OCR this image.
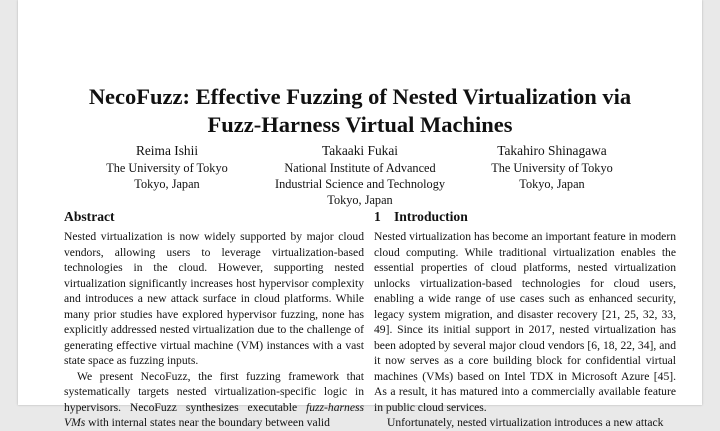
NecoFuzz: Effective Fuzzing of Nested Virtualization via
Fuzz-Harness Virtual Machines
Reima Ishii
The University of Tokyo
Tokyo, Japan
Takaaki Fukai
National Institute of Advanced
Industrial Science and Technology
Tokyo, Japan
Takahiro Shinagawa
The University of Tokyo
Tokyo, Japan
Abstract

Nested virtualization is now widely supported by major cloud vendors, allowing users to leverage virtualization-based technologies in the cloud. However, supporting nested virtualization significantly increases host hypervisor complexity and introduces a new attack surface in cloud platforms. While many prior studies have explored hypervisor fuzzing, none has explicitly addressed nested virtualization due to the challenge of generating effective virtual machine (VM) instances with a vast state space as fuzzing inputs.

We present NecoFuzz, the first fuzzing framework that systematically targets nested virtualization-specific logic in hypervisors. NecoFuzz synthesizes executable fuzz-harness VMs with internal states near the boundary between valid

1 Introduction

Nested virtualization has become an important feature in modern cloud computing. While traditional virtualization enables the essential properties of cloud platforms, nested virtualization unlocks virtualization-based technologies for cloud users, enabling a wide range of use cases such as enhanced security, legacy system migration, and disaster recovery [21, 25, 32, 33, 49]. Since its initial support in 2017, nested virtualization has been adopted by several major cloud vendors [6, 18, 22, 34], and it now serves as a core building block for confidential virtual machines (VMs) based on Intel TDX in Microsoft Azure [45]. As a result, it has matured into a commercially available feature in public cloud services.

Unfortunately, nested virtualization introduces a new attack
